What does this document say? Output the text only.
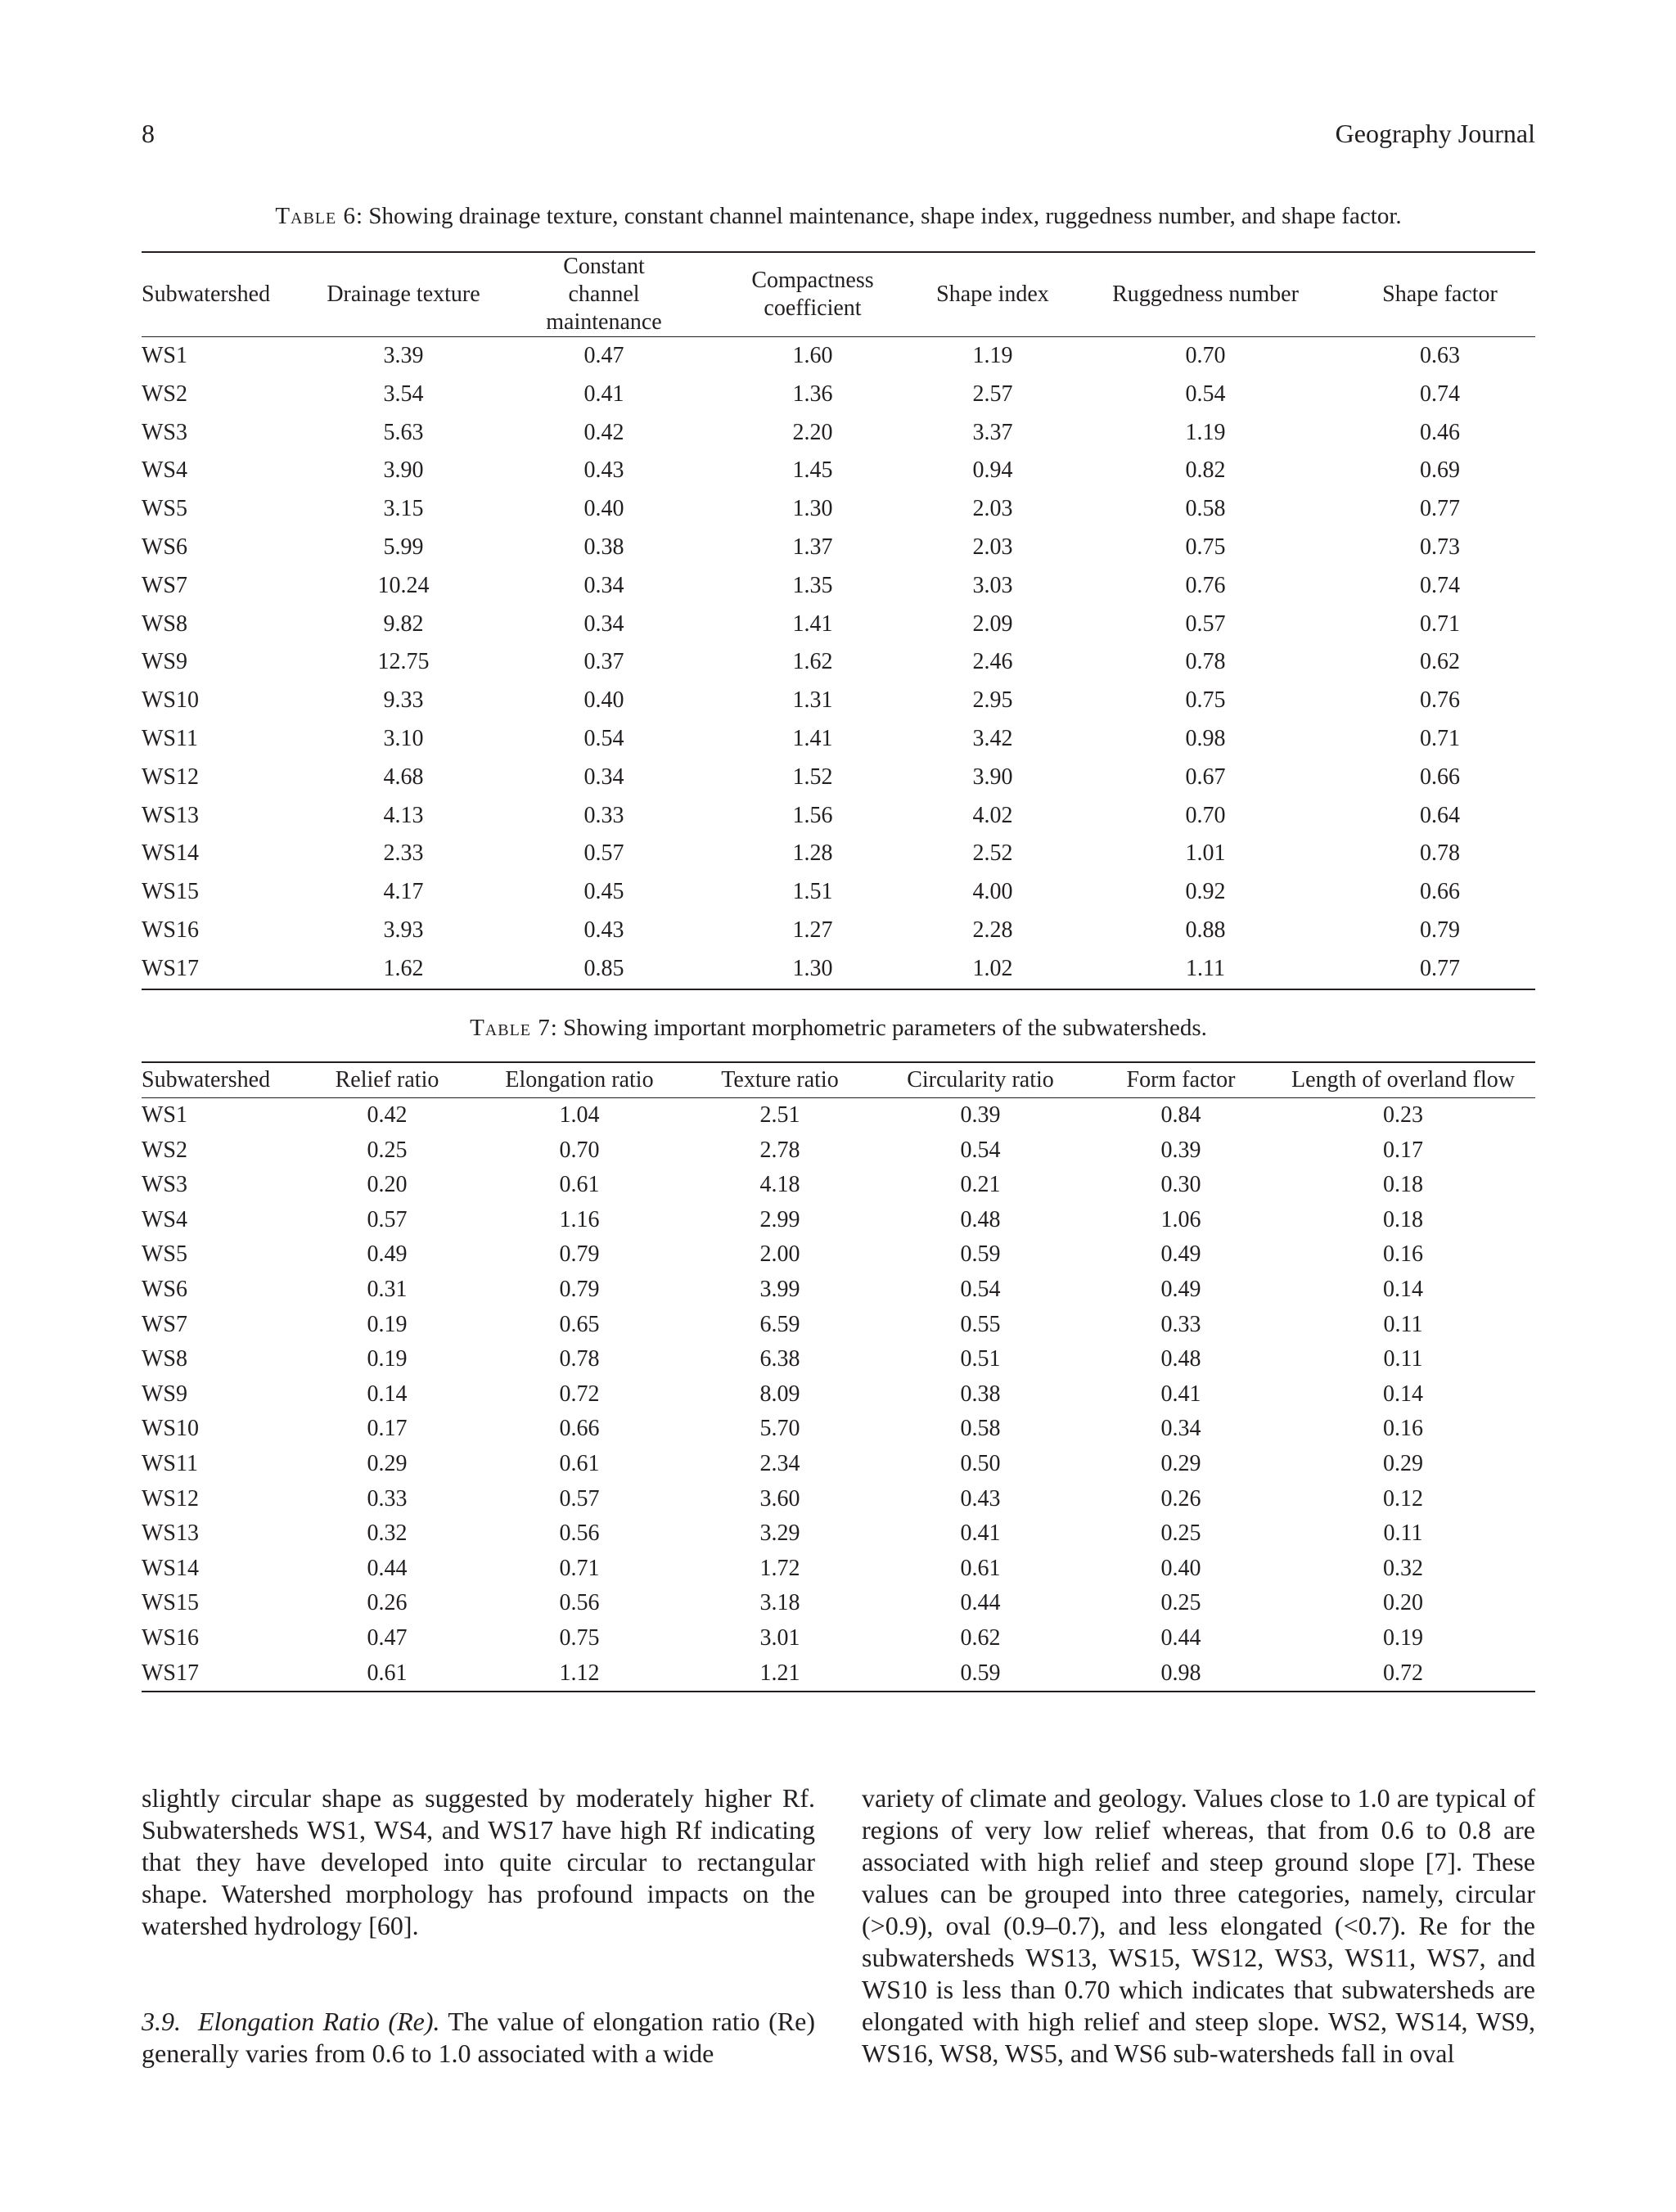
8	Geography Journal
Table 6: Showing drainage texture, constant channel maintenance, shape index, ruggedness number, and shape factor.
Subwatershed	Drainage texture	Constant channel maintenance	Compactness coefficient	Shape index	Ruggedness number	Shape factor
WS1	3.39	0.47	1.60	1.19	0.70	0.63
WS2	3.54	0.41	1.36	2.57	0.54	0.74
WS3	5.63	0.42	2.20	3.37	1.19	0.46
WS4	3.90	0.43	1.45	0.94	0.82	0.69
WS5	3.15	0.40	1.30	2.03	0.58	0.77
WS6	5.99	0.38	1.37	2.03	0.75	0.73
WS7	10.24	0.34	1.35	3.03	0.76	0.74
WS8	9.82	0.34	1.41	2.09	0.57	0.71
WS9	12.75	0.37	1.62	2.46	0.78	0.62
WS10	9.33	0.40	1.31	2.95	0.75	0.76
WS11	3.10	0.54	1.41	3.42	0.98	0.71
WS12	4.68	0.34	1.52	3.90	0.67	0.66
WS13	4.13	0.33	1.56	4.02	0.70	0.64
WS14	2.33	0.57	1.28	2.52	1.01	0.78
WS15	4.17	0.45	1.51	4.00	0.92	0.66
WS16	3.93	0.43	1.27	2.28	0.88	0.79
WS17	1.62	0.85	1.30	1.02	1.11	0.77
Table 7: Showing important morphometric parameters of the subwatersheds.
Subwatershed	Relief ratio	Elongation ratio	Texture ratio	Circularity ratio	Form factor	Length of overland flow
WS1	0.42	1.04	2.51	0.39	0.84	0.23
WS2	0.25	0.70	2.78	0.54	0.39	0.17
WS3	0.20	0.61	4.18	0.21	0.30	0.18
WS4	0.57	1.16	2.99	0.48	1.06	0.18
WS5	0.49	0.79	2.00	0.59	0.49	0.16
WS6	0.31	0.79	3.99	0.54	0.49	0.14
WS7	0.19	0.65	6.59	0.55	0.33	0.11
WS8	0.19	0.78	6.38	0.51	0.48	0.11
WS9	0.14	0.72	8.09	0.38	0.41	0.14
WS10	0.17	0.66	5.70	0.58	0.34	0.16
WS11	0.29	0.61	2.34	0.50	0.29	0.29
WS12	0.33	0.57	3.60	0.43	0.26	0.12
WS13	0.32	0.56	3.29	0.41	0.25	0.11
WS14	0.44	0.71	1.72	0.61	0.40	0.32
WS15	0.26	0.56	3.18	0.44	0.25	0.20
WS16	0.47	0.75	3.01	0.62	0.44	0.19
WS17	0.61	1.12	1.21	0.59	0.98	0.72

slightly circular shape as suggested by moderately higher Rf. Subwatersheds WS1, WS4, and WS17 have high Rf indicating that they have developed into quite circular to rectangular shape. Watershed morphology has profound impacts on the watershed hydrology [60].

3.9. Elongation Ratio (Re). The value of elongation ratio (Re) generally varies from 0.6 to 1.0 associated with a wide

variety of climate and geology. Values close to 1.0 are typical of regions of very low relief whereas, that from 0.6 to 0.8 are associated with high relief and steep ground slope [7]. These values can be grouped into three categories, namely, circular (>0.9), oval (0.9–0.7), and less elongated (<0.7). Re for the subwatersheds WS13, WS15, WS12, WS3, WS11, WS7, and WS10 is less than 0.70 which indicates that subwatersheds are elongated with high relief and steep slope. WS2, WS14, WS9, WS16, WS8, WS5, and WS6 sub-watersheds fall in oval
